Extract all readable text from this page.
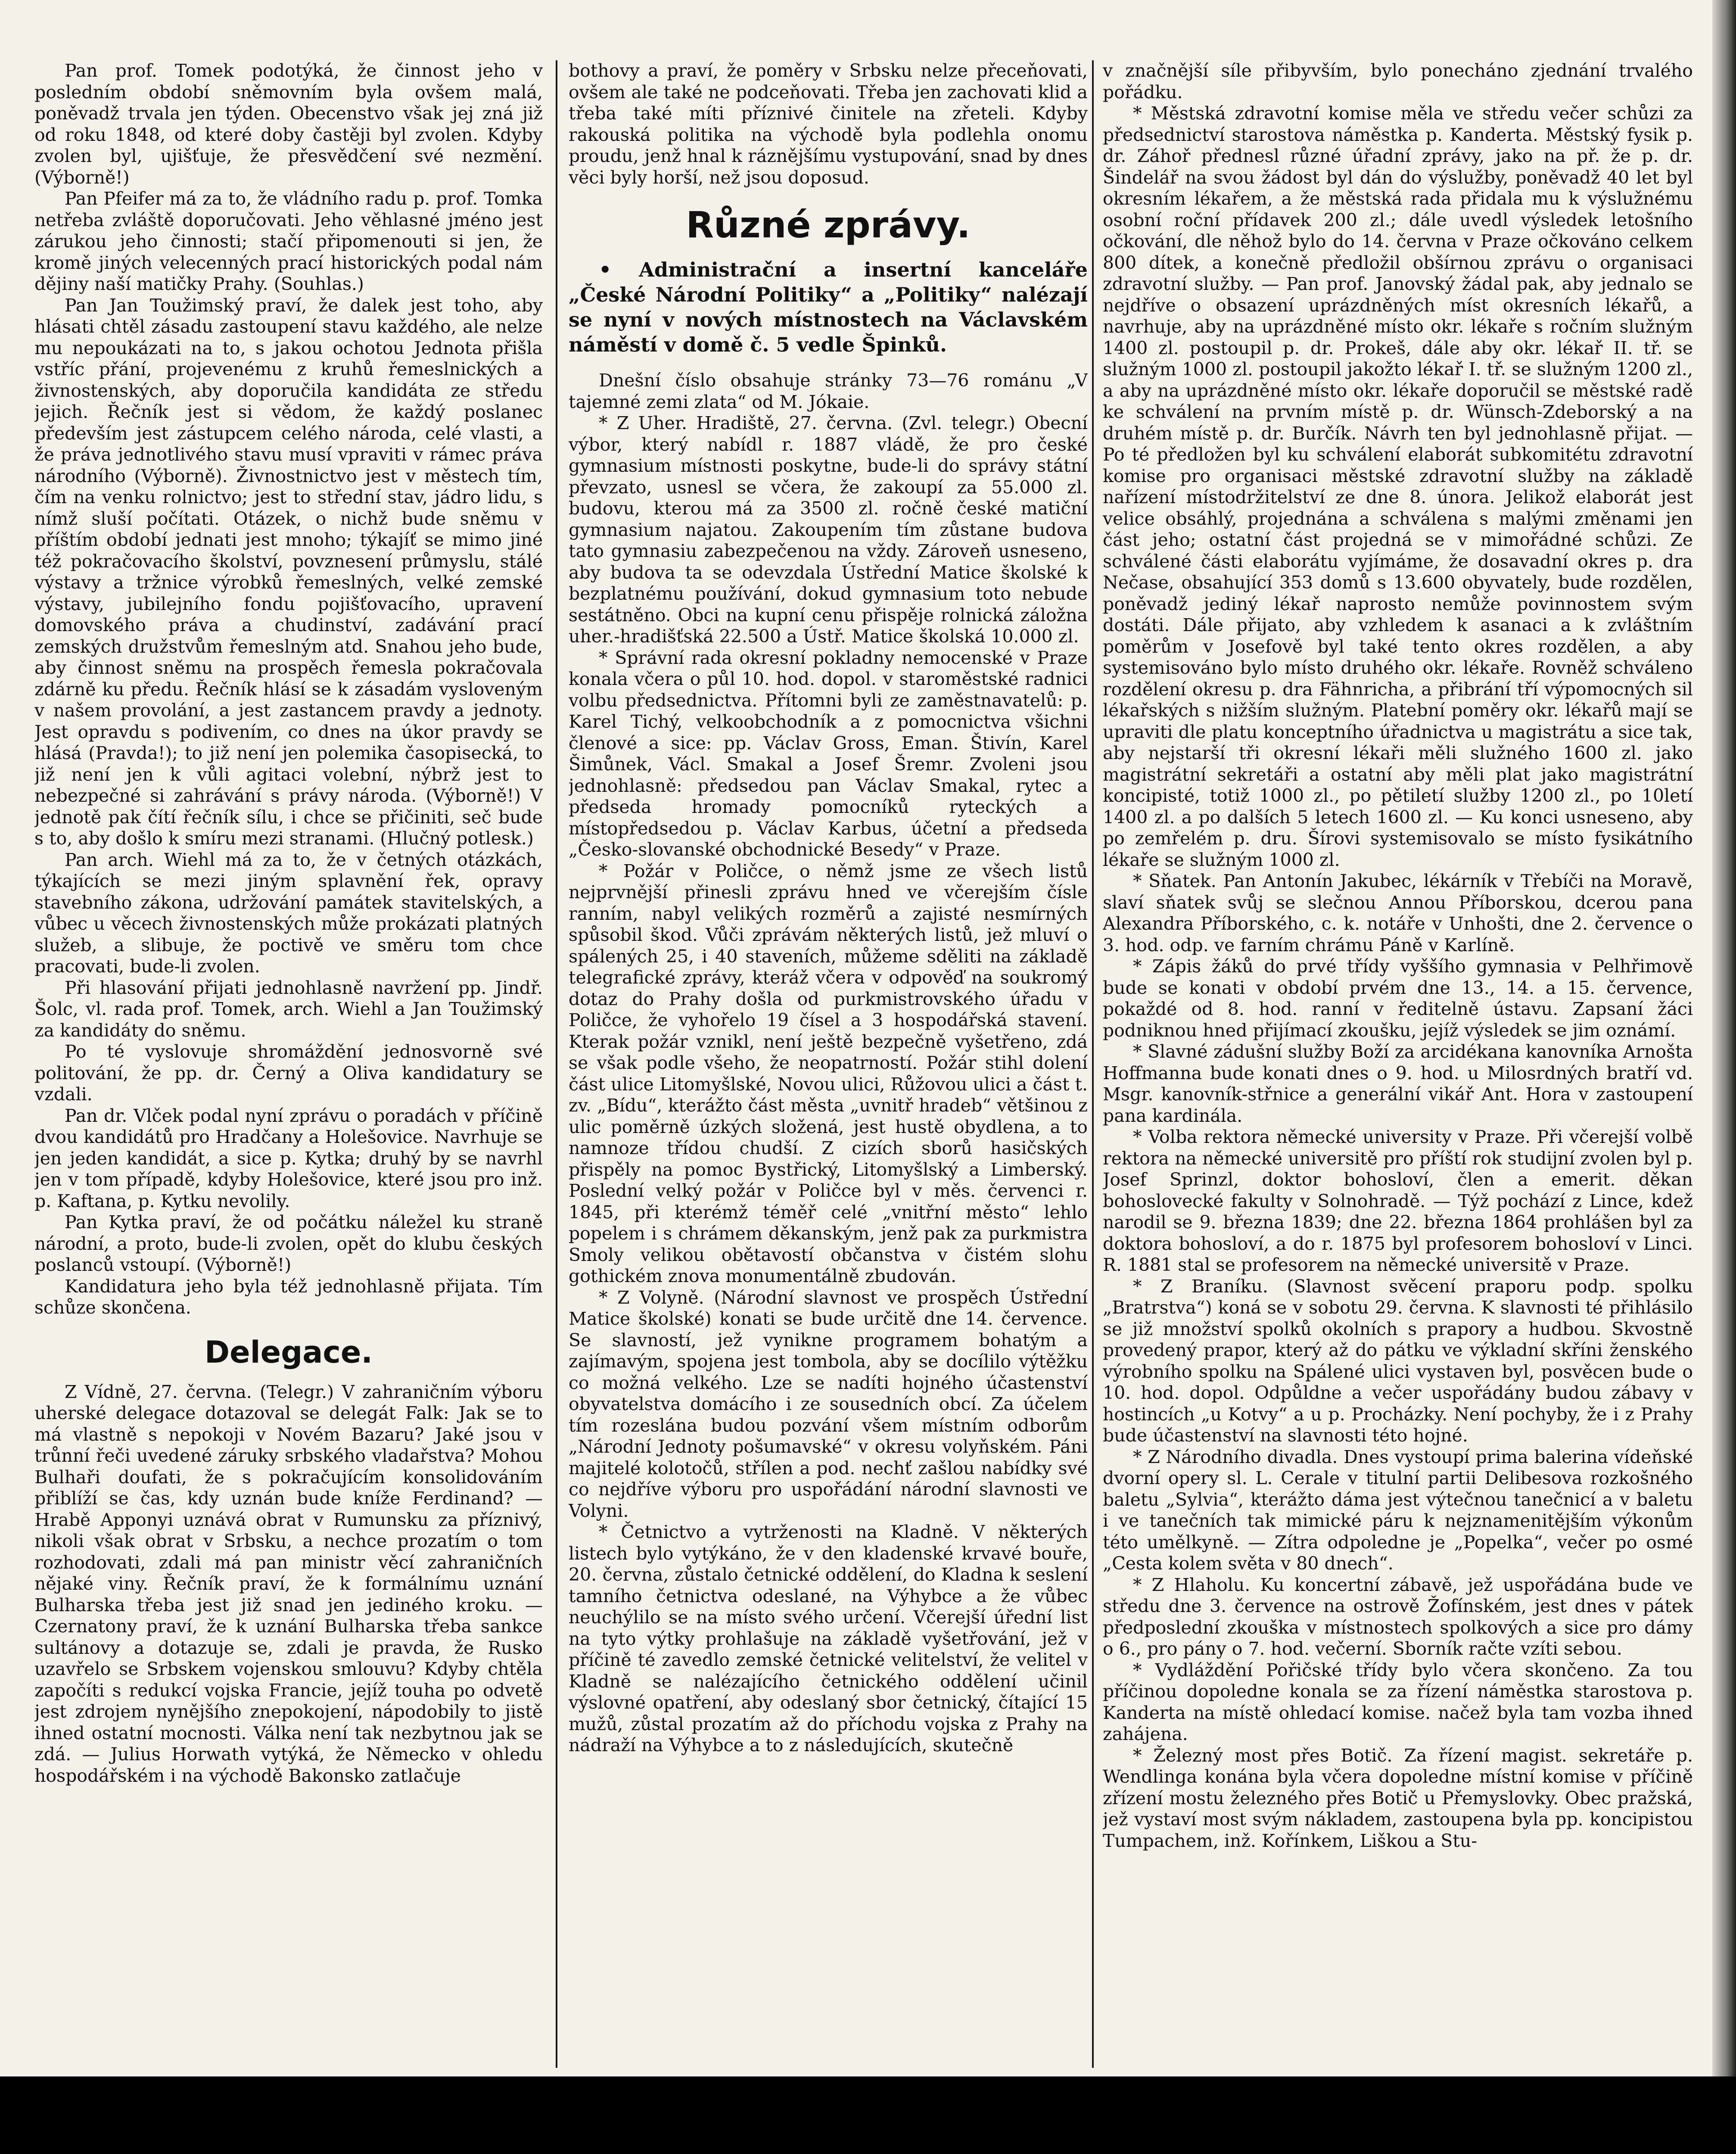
Pan prof. Tomek podotýká, že činnost jeho v posledním období sněmovním byla ovšem malá, poněvadž trvala jen týden. Obecenstvo však jej zná již od roku 1848, od které doby častěji byl zvolen. Kdyby zvolen byl, ujišťuje, že přesvědčení své nezmění. (Výborně!)

Pan Pfeifer má za to, že vládního radu p. prof. Tomka netřeba zvláště doporučovati. Jeho věhlasné jméno jest zárukou jeho činnosti; stačí připomenouti si jen, že kromě jiných velecenných prací historických podal nám dějiny naší matičky Prahy. (Souhlas.)

Pan Jan Toužimský praví, že dalek jest toho, aby hlásati chtěl zásadu zastoupení stavu každého, ale nelze mu nepoukázati na to, s jakou ochotou Jednota přišla vstříc přání, projevenému z kruhů řemeslnických a živnostenských, aby doporučila kandidáta ze středu jejich. Řečník jest si vědom, že každý poslanec především jest zástupcem celého národa, celé vlasti, a že práva jednotlivého stavu musí vpraviti v rámec práva národního (Výborně). Živnostnictvo jest v městech tím, čím na venku rolnictvo; jest to střední stav, jádro lidu, s nímž sluší počítati. Otázek, o nichž bude sněmu v příštím období jednati jest mnoho; týkajíť se mimo jiné též pokračovacího školství, povznesení průmyslu, stálé výstavy a tržnice výrobků řemeslných, velké zemské výstavy, jubilejního fondu pojišťovacího, upravení domovského práva a chudinství, zadávání prací zemských družstvům řemeslným atd. Snahou jeho bude, aby činnost sněmu na prospěch řemesla pokračovala zdárně ku předu. Řečník hlásí se k zásadám vysloveným v našem provolání, a jest zastancem pravdy a jednoty. Jest opravdu s podivením, co dnes na úkor pravdy se hlásá (Pravda!); to již není jen polemika časopisecká, to již není jen k vůli agitaci volební, nýbrž jest to nebezpečné si zahrávání s právy národa. (Výborně!) V jednotě pak čítí řečník sílu, i chce se přičiniti, seč bude s to, aby došlo k smíru mezi stranami. (Hlučný potlesk.)

Pan arch. Wiehl má za to, že v četných otázkách, týkajících se mezi jiným splavnění řek, opravy stavebního zákona, udržování památek stavitelských, a vůbec u věcech živnostenských může prokázati platných služeb, a slibuje, že poctivě ve směru tom chce pracovati, bude-li zvolen.

Při hlasování přijati jednohlasně navržení pp. Jindř. Šolc, vl. rada prof. Tomek, arch. Wiehl a Jan Toužimský za kandidáty do sněmu.

Po té vyslovuje shromáždění jednosvorně své politování, že pp. dr. Černý a Oliva kandidatury se vzdali.

Pan dr. Vlček podal nyní zprávu o poradách v příčině dvou kandidátů pro Hradčany a Holešovice. Navrhuje se jen jeden kandidát, a sice p. Kytka; druhý by se navrhl jen v tom případě, kdyby Holešovice, které jsou pro inž. p. Kaftana, p. Kytku nevolily.

Pan Kytka praví, že od počátku náležel ku straně národní, a proto, bude-li zvolen, opět do klubu českých poslanců vstoupí. (Výborně!)

Kandidatura jeho byla též jednohlasně přijata. Tím schůze skončena.

Delegace.

Z Vídně, 27. června. (Telegr.) V zahraničním výboru uherské delegace dotazoval se delegát Falk: Jak se to má vlastně s nepokoji v Novém Bazaru? Jaké jsou v trůnní řeči uvedené záruky srbského vladařstva? Mohou Bulhaři doufati, že s pokračujícím konsolidováním přiblíží se čas, kdy uznán bude kníže Ferdinand? — Hrabě Apponyi uznává obrat v Rumunsku za příznivý, nikoli však obrat v Srbsku, a nechce prozatím o tom rozhodovati, zdali má pan ministr věcí zahraničních nějaké viny. Řečník praví, že k formálnímu uznání Bulharska třeba jest již snad jen jediného kroku. — Czernatony praví, že k uznání Bulharska třeba sankce sultánovy a dotazuje se, zdali je pravda, že Rusko uzavřelo se Srbskem vojenskou smlouvu? Kdyby chtěla započíti s redukcí vojska Francie, jejíž touha po odvetě jest zdrojem nynějšího znepokojení, nápodobily to jistě ihned ostatní mocnosti. Válka není tak nezbytnou jak se zdá. — Julius Horwath vytýká, že Německo v ohledu hospodářském i na východě Bakonsko zatlačuje

bothovy a praví, že poměry v Srbsku nelze přeceňovati, ovšem ale také ne podceňovati. Třeba jen zachovati klid a třeba také míti příznivé činitele na zřeteli. Kdyby rakouská politika na východě byla podlehla onomu proudu, jenž hnal k ráznějšímu vystupování, snad by dnes věci byly horší, než jsou doposud.

Různé zprávy.

• Administrační a insertní kanceláře „České Národní Politiky“ a „Politiky“ nalézají se nyní v nových místnostech na Václavském náměstí v domě č. 5 vedle Špinků.

Dnešní číslo obsahuje stránky 73—76 románu „V tajemné zemi zlata“ od M. Jókaie.

* Z Uher. Hradiště, 27. června. (Zvl. telegr.) Obecní výbor, který nabídl r. 1887 vládě, že pro české gymnasium místnosti poskytne, bude-li do správy státní převzato, usnesl se včera, že zakoupí za 55.000 zl. budovu, kterou má za 3500 zl. ročně české matiční gymnasium najatou. Zakoupením tím zůstane budova tato gymnasiu zabezpečenou na vždy. Zároveň usneseno, aby budova ta se odevzdala Ústřední Matice školské k bezplatnému používání, dokud gymnasium toto nebude sestátněno. Obci na kupní cenu přispěje rolnická záložna uher.-hradišťská 22.500 a Ústř. Matice školská 10.000 zl.

* Správní rada okresní pokladny nemocenské v Praze konala včera o půl 10. hod. dopol. v staroměstské radnici volbu předsednictva. Přítomni byli ze zaměstnavatelů: p. Karel Tichý, velkoobchodník a z pomocnictva všichni členové a sice: pp. Václav Gross, Eman. Štivín, Karel Šimůnek, Václ. Smakal a Josef Šremr. Zvoleni jsou jednohlasně: předsedou pan Václav Smakal, rytec a předseda hromady pomocníků ryteckých a místopředsedou p. Václav Karbus, účetní a předseda „Česko-slovanské obchodnické Besedy“ v Praze.

* Požár v Poličce, o němž jsme ze všech listů nejprvnější přinesli zprávu hned ve včerejším čísle ranním, nabyl velikých rozměrů a zajisté nesmírných spůsobil škod. Vůči zprávám některých listů, jež mluví o spálených 25, i 40 staveních, můžeme sděliti na základě telegrafické zprávy, kteráž včera v odpověď na soukromý dotaz do Prahy došla od purkmistrovského úřadu v Poličce, že vyhořelo 19 čísel a 3 hospodářská stavení. Kterak požár vznikl, není ještě bezpečně vyšetřeno, zdá se však podle všeho, že neopatrností. Požár stihl dolení část ulice Litomyšlské, Novou ulici, Růžovou ulici a část t. zv. „Bídu“, kterážto část města „uvnitř hradeb“ většinou z ulic poměrně úzkých složená, jest hustě obydlena, a to namnoze třídou chudší. Z cizích sborů hasičských přispěly na pomoc Bystřický, Litomyšlský a Limberský. Poslední velký požár v Poličce byl v měs. červenci r. 1845, při kterémž téměř celé „vnitřní město“ lehlo popelem i s chrámem děkanským, jenž pak za purkmistra Smoly velikou obětavostí občanstva v čistém slohu gothickém znova monumentálně zbudován.

* Z Volyně. (Národní slavnost ve prospěch Ústřední Matice školské) konati se bude určitě dne 14. července. Se slavností, jež vynikne programem bohatým a zajímavým, spojena jest tombola, aby se docílilo výtěžku co možná velkého. Lze se nadíti hojného účastenství obyvatelstva domácího i ze sousedních obcí. Za účelem tím rozeslána budou pozvání všem místním odborům „Národní Jednoty pošumavské“ v okresu volyňském. Páni majitelé kolotočů, střílen a pod. nechť zašlou nabídky své co nejdříve výboru pro uspořádání národní slavnosti ve Volyni.

* Četnictvo a vytrženosti na Kladně. V některých listech bylo vytýkáno, že v den kladenské krvavé bouře, 20. června, zůstalo četnické oddělení, do Kladna k seslení tamního četnictva odeslané, na Výhybce a že vůbec neuchýlilo se na místo svého určení. Včerejší úřední list na tyto výtky prohlašuje na základě vyšetřování, jež v příčině té zavedlo zemské četnické velitelství, že velitel v Kladně se nalézajícího četnického oddělení učinil výslovné opatření, aby odeslaný sbor četnický, čítající 15 mužů, zůstal prozatím až do příchodu vojska z Prahy na nádraží na Výhybce a to z následujících, skutečně

v značnější síle přibyvším, bylo ponecháno zjednání trvalého pořádku.

* Městská zdravotní komise měla ve středu večer schůzi za předsednictví starostova náměstka p. Kanderta. Městský fysik p. dr. Záhoř přednesl různé úřadní zprávy, jako na př. že p. dr. Šindelář na svou žádost byl dán do výslužby, poněvadž 40 let byl okresním lékařem, a že městská rada přidala mu k výslužnému osobní roční přídavek 200 zl.; dále uvedl výsledek letošního očkování, dle něhož bylo do 14. června v Praze očkováno celkem 800 dítek, a konečně předložil obšírnou zprávu o organisaci zdravotní služby. — Pan prof. Janovský žádal pak, aby jednalo se nejdříve o obsazení uprázdněných míst okresních lékařů, a navrhuje, aby na uprázdněné místo okr. lékaře s ročním služným 1400 zl. postoupil p. dr. Prokeš, dále aby okr. lékař II. tř. se služným 1000 zl. postoupil jakožto lékař I. tř. se služným 1200 zl., a aby na uprázdněné místo okr. lékaře doporučil se městské radě ke schválení na prvním místě p. dr. Wünsch-Zdeborský a na druhém místě p. dr. Burčík. Návrh ten byl jednohlasně přijat. — Po té předložen byl ku schválení elaborát subkomitétu zdravotní komise pro organisaci městské zdravotní služby na základě nařízení místodržitelství ze dne 8. února. Jelikož elaborát jest velice obsáhlý, projednána a schválena s malými změnami jen část jeho; ostatní část projedná se v mimořádné schůzi. Ze schválené části elaborátu vyjímáme, že dosavadní okres p. dra Nečase, obsahující 353 domů s 13.600 obyvately, bude rozdělen, poněvadž jediný lékař naprosto nemůže povinnostem svým dostáti. Dále přijato, aby vzhledem k asanaci a k zvláštním poměrům v Josefově byl také tento okres rozdělen, a aby systemisováno bylo místo druhého okr. lékaře. Rovněž schváleno rozdělení okresu p. dra Fähnricha, a přibrání tří výpomocných sil lékařských s nižším služným. Platební poměry okr. lékařů mají se upraviti dle platu konceptního úřadnictva u magistrátu a sice tak, aby nejstarší tři okresní lékaři měli služného 1600 zl. jako magistrátní sekretáři a ostatní aby měli plat jako magistrátní koncipisté, totiž 1000 zl., po pětiletí služby 1200 zl., po 10letí 1400 zl. a po dalších 5 letech 1600 zl. — Ku konci usneseno, aby po zemřelém p. dru. Šírovi systemisovalo se místo fysikátního lékaře se služným 1000 zl.

* Sňatek. Pan Antonín Jakubec, lékárník v Třebíči na Moravě, slaví sňatek svůj se slečnou Annou Příborskou, dcerou pana Alexandra Příborského, c. k. notáře v Unhošti, dne 2. července o 3. hod. odp. ve farním chrámu Páně v Karlíně.

* Zápis žáků do prvé třídy vyššího gymnasia v Pelhřimově bude se konati v období prvém dne 13., 14. a 15. července, pokaždé od 8. hod. ranní v ředitelně ústavu. Zapsaní žáci podniknou hned přijímací zkoušku, jejíž výsledek se jim oznámí.

* Slavné zádušní služby Boží za arcidékana kanovníka Arnošta Hoffmanna bude konati dnes o 9. hod. u Milosrdných bratří vd. Msgr. kanovník-střnice a generální vikář Ant. Hora v zastoupení pana kardinála.

* Volba rektora německé university v Praze. Při včerejší volbě rektora na německé universitě pro příští rok studijní zvolen byl p. Josef Sprinzl, doktor bohosloví, člen a emerit. děkan bohoslovecké fakulty v Solnohradě. — Týž pochází z Lince, kdež narodil se 9. března 1839; dne 22. března 1864 prohlášen byl za doktora bohosloví, a do r. 1875 byl profesorem bohosloví v Linci. R. 1881 stal se profesorem na německé universitě v Praze.

* Z Braníku. (Slavnost svěcení praporu podp. spolku „Bratrstva“) koná se v sobotu 29. června. K slavnosti té přihlásilo se již množství spolků okolních s prapory a hudbou. Skvostně provedený prapor, který až do pátku ve výkladní skříni ženského výrobního spolku na Spálené ulici vystaven byl, posvěcen bude o 10. hod. dopol. Odpůldne a večer uspořádány budou zábavy v hostincích „u Kotvy“ a u p. Procházky. Není pochyby, že i z Prahy bude účastenství na slavnosti této hojné.

* Z Národního divadla. Dnes vystoupí prima balerina vídeňské dvorní opery sl. L. Cerale v titulní partii Delibesova rozkošného baletu „Sylvia“, kterážto dáma jest výtečnou tanečnicí a v baletu i ve tanečních tak mimické páru k nejznamenitějším výkonům této umělkyně. — Zítra odpoledne je „Popelka“, večer po osmé „Cesta kolem světa v 80 dnech“.

* Z Hlaholu. Ku koncertní zábavě, jež uspořádána bude ve středu dne 3. července na ostrově Žofínském, jest dnes v pátek předposlední zkouška v místnostech spolkových a sice pro dámy o 6., pro pány o 7. hod. večerní. Sborník račte vzíti sebou.

* Vydláždění Pořičské třídy bylo včera skončeno. Za tou příčinou dopoledne konala se za řízení náměstka starostova p. Kanderta na místě ohledací komise. načež byla tam vozba ihned zahájena.

* Železný most přes Botič. Za řízení magist. sekretáře p. Wendlinga konána byla včera dopoledne místní komise v příčině zřízení mostu železného přes Botič u Přemyslovky. Obec pražská, jež vystaví most svým nákladem, zastoupena byla pp. koncipistou Tumpachem, inž. Kořínkem, Liškou a Stu-
